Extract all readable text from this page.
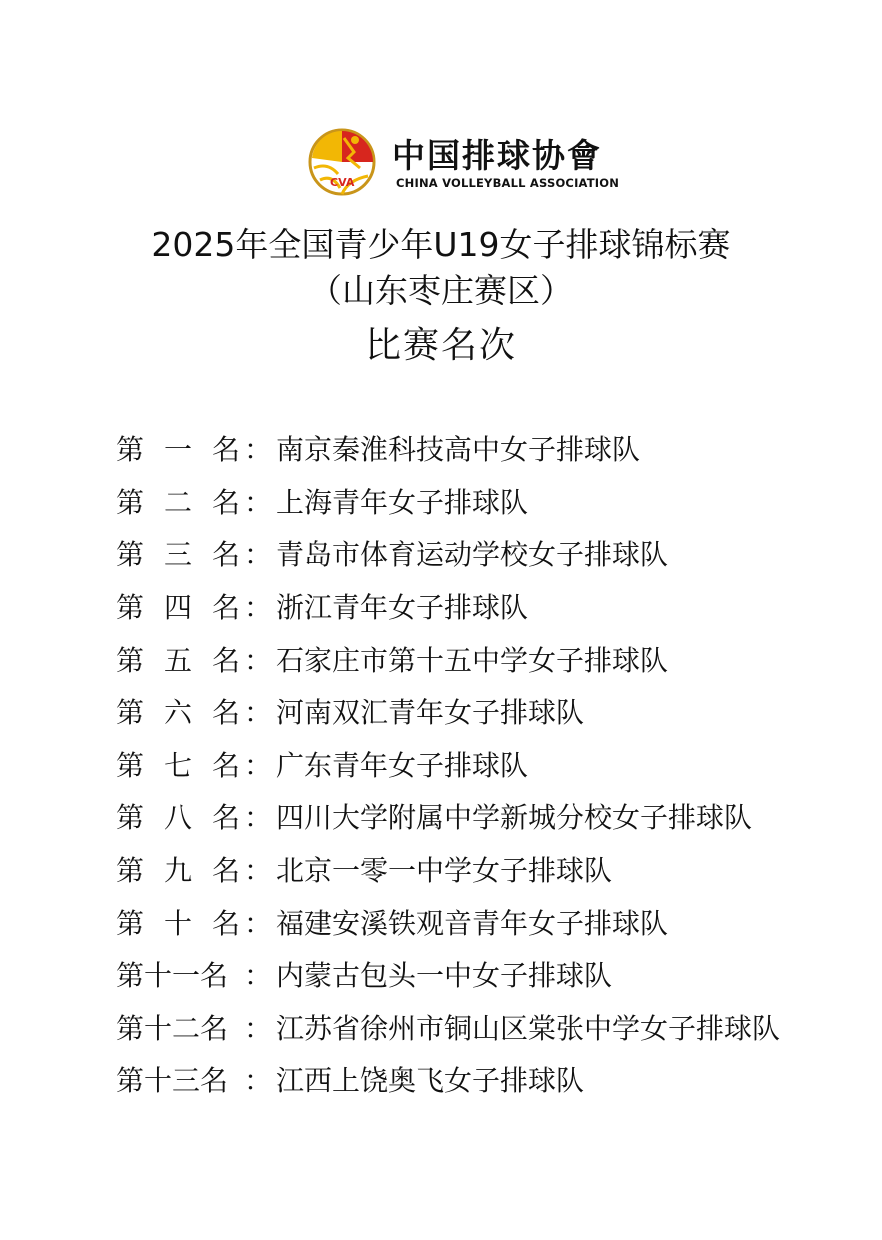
CVA
中国排球协會
CHINA VOLLEYBALL ASSOCIATION
2025年全国青少年U19女子排球锦标赛
（山东枣庄赛区）
比赛名次
第 一 名 ： 南京秦淮科技高中女子排球队
第 二 名 ： 上海青年女子排球队
第 三 名 ： 青岛市体育运动学校女子排球队
第 四 名 ： 浙江青年女子排球队
第 五 名 ： 石家庄市第十五中学女子排球队
第 六 名 ： 河南双汇青年女子排球队
第 七 名 ： 广东青年女子排球队
第 八 名 ： 四川大学附属中学新城分校女子排球队
第 九 名 ： 北京一零一中学女子排球队
第 十 名 ： 福建安溪铁观音青年女子排球队
第十一名 ： 内蒙古包头一中女子排球队
第十二名 ： 江苏省徐州市铜山区棠张中学女子排球队
第十三名 ： 江西上饶奥飞女子排球队
